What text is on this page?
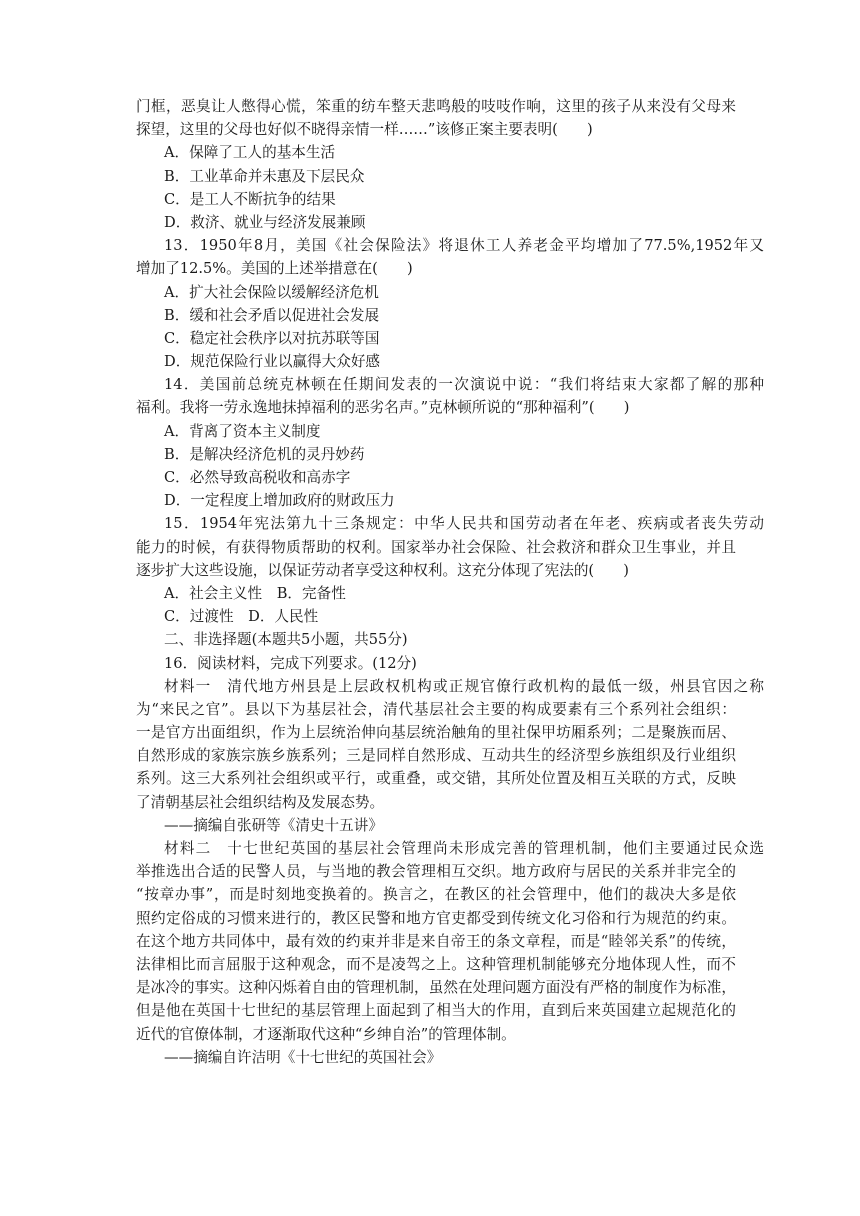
门框，恶臭让人憋得心慌，笨重的纺车整天悲鸣般的吱吱作响，这里的孩子从来没有父母来
探望，这里的父母也好似不晓得亲情一样……”该修正案主要表明(　　)
A．保障了工人的基本生活
B．工业革命并未惠及下层民众
C．是工人不断抗争的结果
D．救济、就业与经济发展兼顾
13．1950年8月，美国《社会保险法》将退休工人养老金平均增加了77.5%,1952年又
增加了12.5%。美国的上述举措意在(　　)
A．扩大社会保险以缓解经济危机
B．缓和社会矛盾以促进社会发展
C．稳定社会秩序以对抗苏联等国
D．规范保险行业以赢得大众好感
14．美国前总统克林顿在任期间发表的一次演说中说：“我们将结束大家都了解的那种
福利。我将一劳永逸地抹掉福利的恶劣名声。”克林顿所说的“那种福利”(　　)
A．背离了资本主义制度
B．是解决经济危机的灵丹妙药
C．必然导致高税收和高赤字
D．一定程度上增加政府的财政压力
15．1954年宪法第九十三条规定：中华人民共和国劳动者在年老、疾病或者丧失劳动
能力的时候，有获得物质帮助的权利。国家举办社会保险、社会救济和群众卫生事业，并且
逐步扩大这些设施，以保证劳动者享受这种权利。这充分体现了宪法的(　　)
A．社会主义性　B．完备性
C．过渡性　D．人民性
二、非选择题(本题共5小题，共55分)
16．阅读材料，完成下列要求。(12分)
材料一　清代地方州县是上层政权机构或正规官僚行政机构的最低一级，州县官因之称
为“来民之官”。县以下为基层社会，清代基层社会主要的构成要素有三个系列社会组织：
一是官方出面组织，作为上层统治伸向基层统治触角的里社保甲坊厢系列；二是聚族而居、
自然形成的家族宗族乡族系列；三是同样自然形成、互动共生的经济型乡族组织及行业组织
系列。这三大系列社会组织或平行，或重叠，或交错，其所处位置及相互关联的方式，反映
了清朝基层社会组织结构及发展态势。
——摘编自张研等《清史十五讲》
材料二　十七世纪英国的基层社会管理尚未形成完善的管理机制，他们主要通过民众选
举推选出合适的民警人员，与当地的教会管理相互交织。地方政府与居民的关系并非完全的
“按章办事”，而是时刻地变换着的。换言之，在教区的社会管理中，他们的裁决大多是依
照约定俗成的习惯来进行的，教区民警和地方官吏都受到传统文化习俗和行为规范的约束。
在这个地方共同体中，最有效的约束并非是来自帝王的条文章程，而是“睦邻关系”的传统，
法律相比而言屈服于这种观念，而不是凌驾之上。这种管理机制能够充分地体现人性，而不
是冰冷的事实。这种闪烁着自由的管理机制，虽然在处理问题方面没有严格的制度作为标准，
但是他在英国十七世纪的基层管理上面起到了相当大的作用，直到后来英国建立起规范化的
近代的官僚体制，才逐渐取代这种“乡绅自治”的管理体制。
——摘编自许洁明《十七世纪的英国社会》
